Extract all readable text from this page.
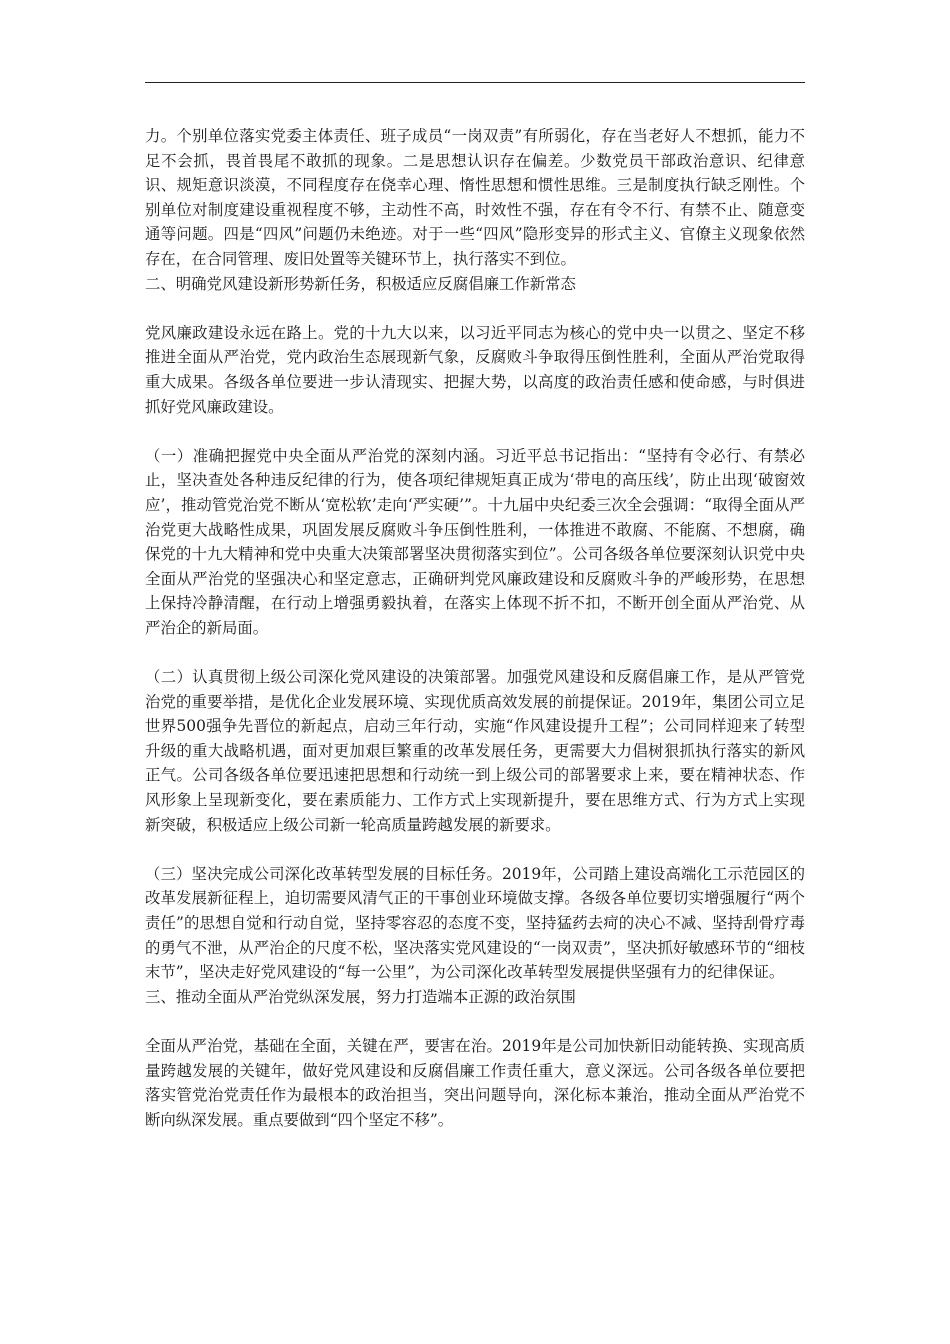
力。个别单位落实党委主体责任、班子成员“一岗双责”有所弱化，存在当老好人不想抓，能力不足不会抓，畏首畏尾不敢抓的现象。二是思想认识存在偏差。少数党员干部政治意识、纪律意识、规矩意识淡漠，不同程度存在侥幸心理、惰性思想和惯性思维。三是制度执行缺乏刚性。个别单位对制度建设重视程度不够，主动性不高，时效性不强，存在有令不行、有禁不止、随意变通等问题。四是“四风”问题仍未绝迹。对于一些“四风”隐形变异的形式主义、官僚主义现象依然存在，在合同管理、废旧处置等关键环节上，执行落实不到位。

二、明确党风建设新形势新任务，积极适应反腐倡廉工作新常态

党风廉政建设永远在路上。党的十九大以来，以习近平同志为核心的党中央一以贯之、坚定不移推进全面从严治党，党内政治生态展现新气象，反腐败斗争取得压倒性胜利，全面从严治党取得重大成果。各级各单位要进一步认清现实、把握大势，以高度的政治责任感和使命感，与时俱进抓好党风廉政建设。

（一）准确把握党中央全面从严治党的深刻内涵。习近平总书记指出：“坚持有令必行、有禁必止，坚决查处各种违反纪律的行为，使各项纪律规矩真正成为‘带电的高压线’，防止出现‘破窗效应’，推动管党治党不断从‘宽松软’走向‘严实硬’”。十九届中央纪委三次全会强调：“取得全面从严治党更大战略性成果，巩固发展反腐败斗争压倒性胜利，一体推进不敢腐、不能腐、不想腐，确保党的十九大精神和党中央重大决策部署坚决贯彻落实到位”。公司各级各单位要深刻认识党中央全面从严治党的坚强决心和坚定意志，正确研判党风廉政建设和反腐败斗争的严峻形势，在思想上保持冷静清醒，在行动上增强勇毅执着，在落实上体现不折不扣，不断开创全面从严治党、从严治企的新局面。

（二）认真贯彻上级公司深化党风建设的决策部署。加强党风建设和反腐倡廉工作，是从严管党治党的重要举措，是优化企业发展环境、实现优质高效发展的前提保证。2019年，集团公司立足世界500强争先晋位的新起点，启动三年行动，实施“作风建设提升工程”；公司同样迎来了转型升级的重大战略机遇，面对更加艰巨繁重的改革发展任务，更需要大力倡树狠抓执行落实的新风正气。公司各级各单位要迅速把思想和行动统一到上级公司的部署要求上来，要在精神状态、作风形象上呈现新变化，要在素质能力、工作方式上实现新提升，要在思维方式、行为方式上实现新突破，积极适应上级公司新一轮高质量跨越发展的新要求。

（三）坚决完成公司深化改革转型发展的目标任务。2019年，公司踏上建设高端化工示范园区的改革发展新征程上，迫切需要风清气正的干事创业环境做支撑。各级各单位要切实增强履行“两个责任”的思想自觉和行动自觉，坚持零容忍的态度不变，坚持猛药去疴的决心不减、坚持刮骨疗毒的勇气不泄，从严治企的尺度不松，坚决落实党风建设的“一岗双责”，坚决抓好敏感环节的“细枝末节”，坚决走好党风建设的“每一公里”，为公司深化改革转型发展提供坚强有力的纪律保证。

三、推动全面从严治党纵深发展，努力打造端本正源的政治氛围

全面从严治党，基础在全面，关键在严，要害在治。2019年是公司加快新旧动能转换、实现高质量跨越发展的关键年，做好党风建设和反腐倡廉工作责任重大，意义深远。公司各级各单位要把落实管党治党责任作为最根本的政治担当，突出问题导向，深化标本兼治，推动全面从严治党不断向纵深发展。重点要做到“四个坚定不移”。
